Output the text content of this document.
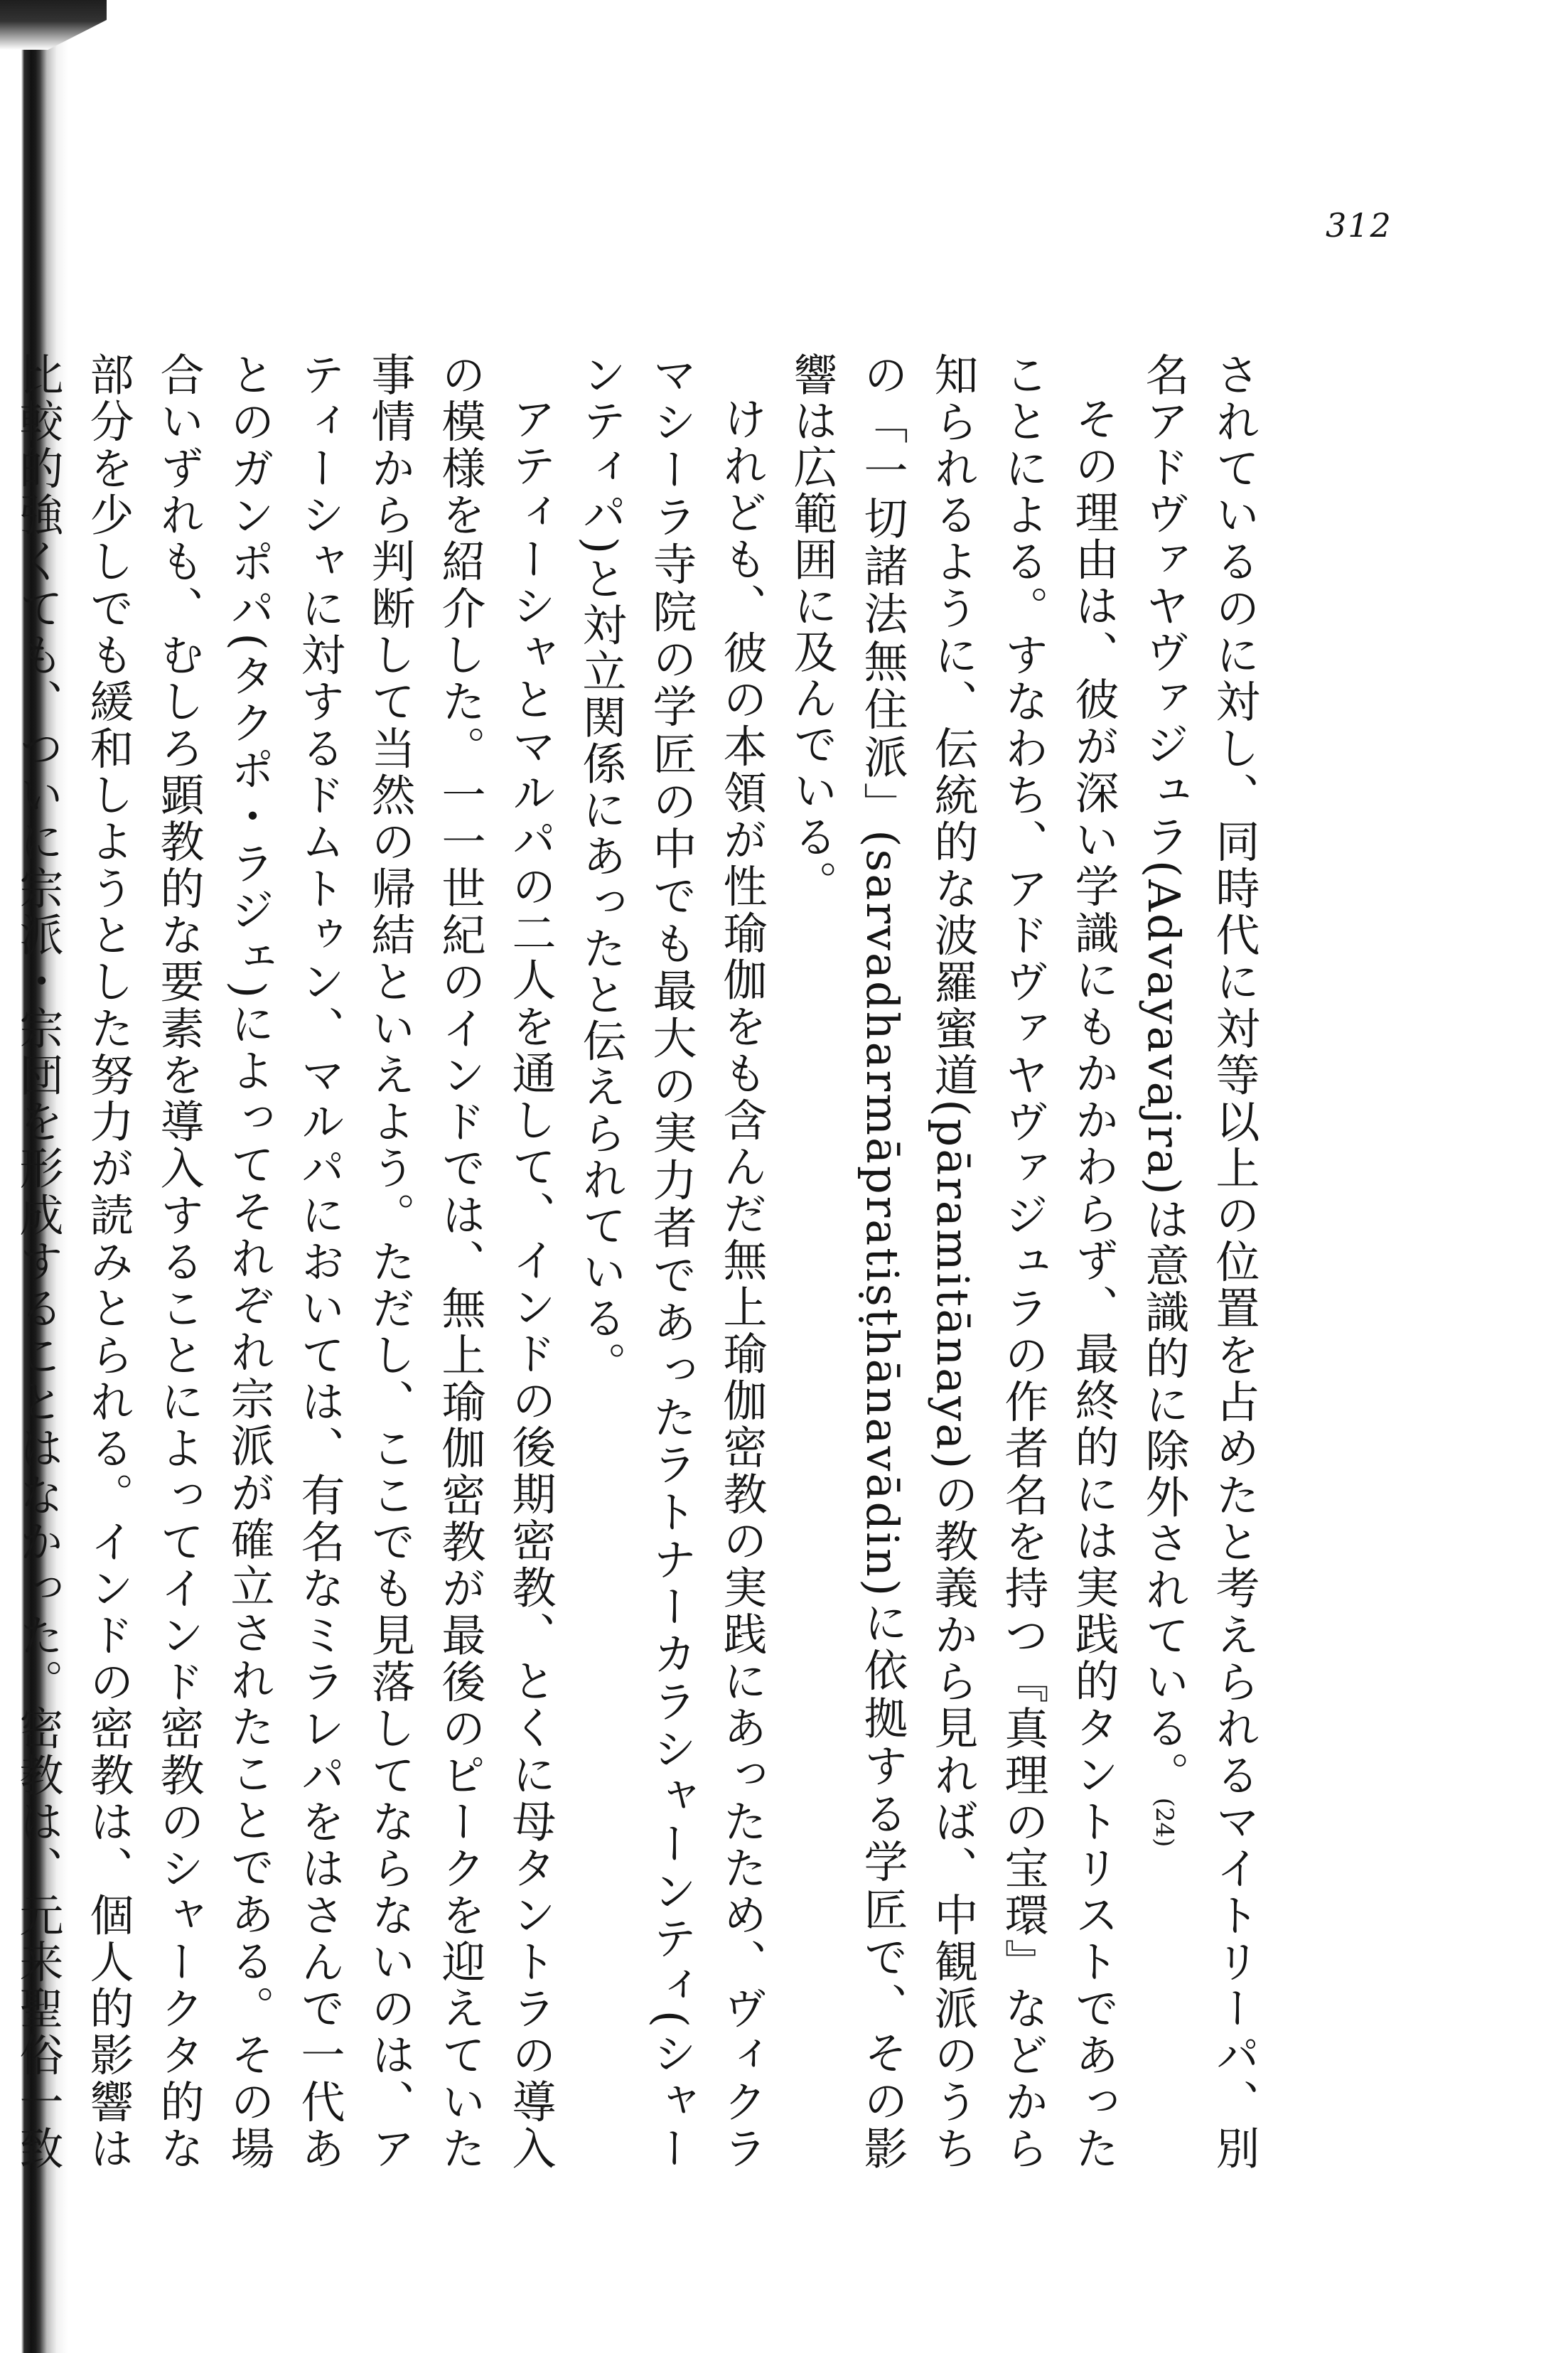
312

されているのに対し、同時代に対等以上の位置を占めたと考えられるマイトリーパ、別名アドヴァヤヴァジュラ(Advayavajra)は意識的に除外されている。$^{(24)}$

その理由は、彼が深い学識にもかかわらず、最終的には実践的タントリストであったことによる。すなわち、アドヴァヤヴァジュラの作者名を持つ『真理の宝環』などから知られるように、伝統的な波羅蜜道(pāramitānaya)の教義から見れば、中観派のうちの「一切諸法無住派」(sarvadharmāpratiṣṭhānavādin)に依拠する学匠で、その影響は広範囲に及んでいる。

けれども、彼の本領が性瑜伽をも含んだ無上瑜伽密教の実践にあったため、ヴィクラマシーラ寺院の学匠の中でも最大の実力者であったラトナーカラシャーンティ(シャーンティパ)と対立関係にあったと伝えられている。

アティーシャとマルパの二人を通して、インドの後期密教、とくに母タントラの導入の模様を紹介した。一一世紀のインドでは、無上瑜伽密教が最後のピークを迎えていた事情から判断して当然の帰結といえよう。ただし、ここでも見落してならないのは、アティーシャに対するドムトゥン、マルパにおいては、有名なミラレパをはさんで一代あとのガンポパ(タクポ・ラジェ)によってそれぞれ宗派が確立されたことである。その場合いずれも、むしろ顕教的な要素を導入することによってインド密教のシャークタ的な部分を少しでも緩和しようとした努力が読みとられる。インドの密教は、個人的影響は比較的強くても、ついに宗派・宗団を形成することはなかった。密教は、元来聖俗一致
